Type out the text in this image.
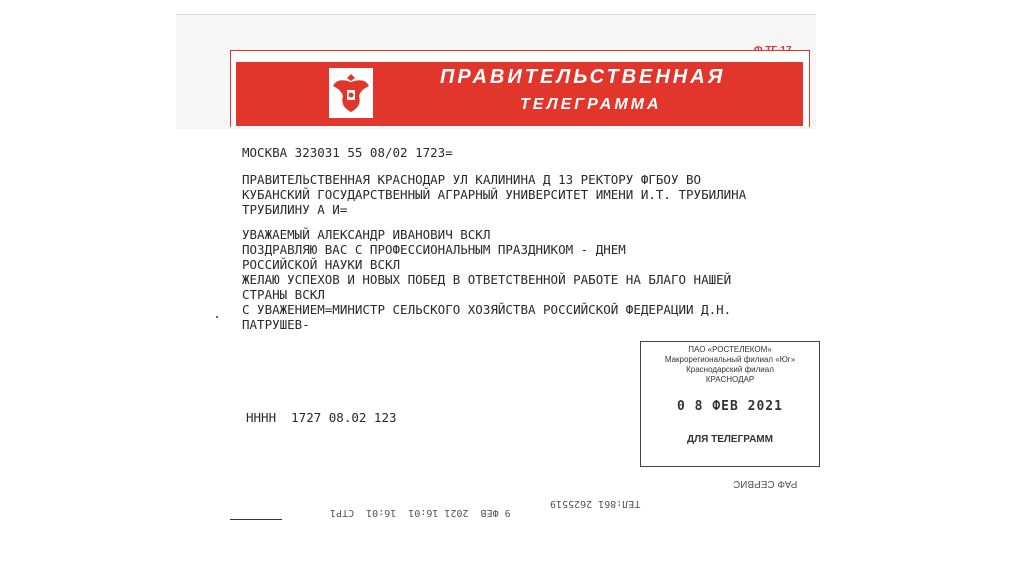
ПРАВИТЕЛЬСТВЕННАЯ
ТЕЛЕГРАММА
МОСКВА 323031 55 08/02 1723=
ПРАВИТЕЛЬСТВЕННАЯ КРАСНОДАР УЛ КАЛИНИНА Д 13 РЕКТОРУ ФГБОУ ВО
КУБАНСКИЙ ГОСУДАРСТВЕННЫЙ АГРАРНЫЙ УНИВЕРСИТЕТ ИМЕНИ И.Т. ТРУБИЛИНА
ТРУБИЛИНУ А И=
УВАЖАЕМЫЙ АЛЕКСАНДР ИВАНОВИЧ ВСКЛ
ПОЗДРАВЛЯЮ ВАС С ПРОФЕССИОНАЛЬНЫМ ПРАЗДНИКОМ - ДНЕМ
РОССИЙСКОЙ НАУКИ ВСКЛ
ЖЕЛАЮ УСПЕХОВ И НОВЫХ ПОБЕД В ОТВЕТСТВЕННОЙ РАБОТЕ НА БЛАГО НАШЕЙ
СТРАНЫ ВСКЛ
С УВАЖЕНИЕМ=МИНИСТР СЕЛЬСКОГО ХОЗЯЙСТВА РОССИЙСКОЙ ФЕДЕРАЦИИ Д.Н.
ПАТРУШЕВ-
НННН  1727 08.02 123
ПАО «РОСТЕЛЕКОМ»
Макрорегиональный филиал «Юг»
Краснодарский филиал
КРАСНОДАР
0 8 ФЕВ 2021
ДЛЯ ТЕЛЕГРАММ
РАФ СЕРВИС
ТЕЛ:861 2625519
9 ФЕВ  2021 16:01  16:01  СТР1
